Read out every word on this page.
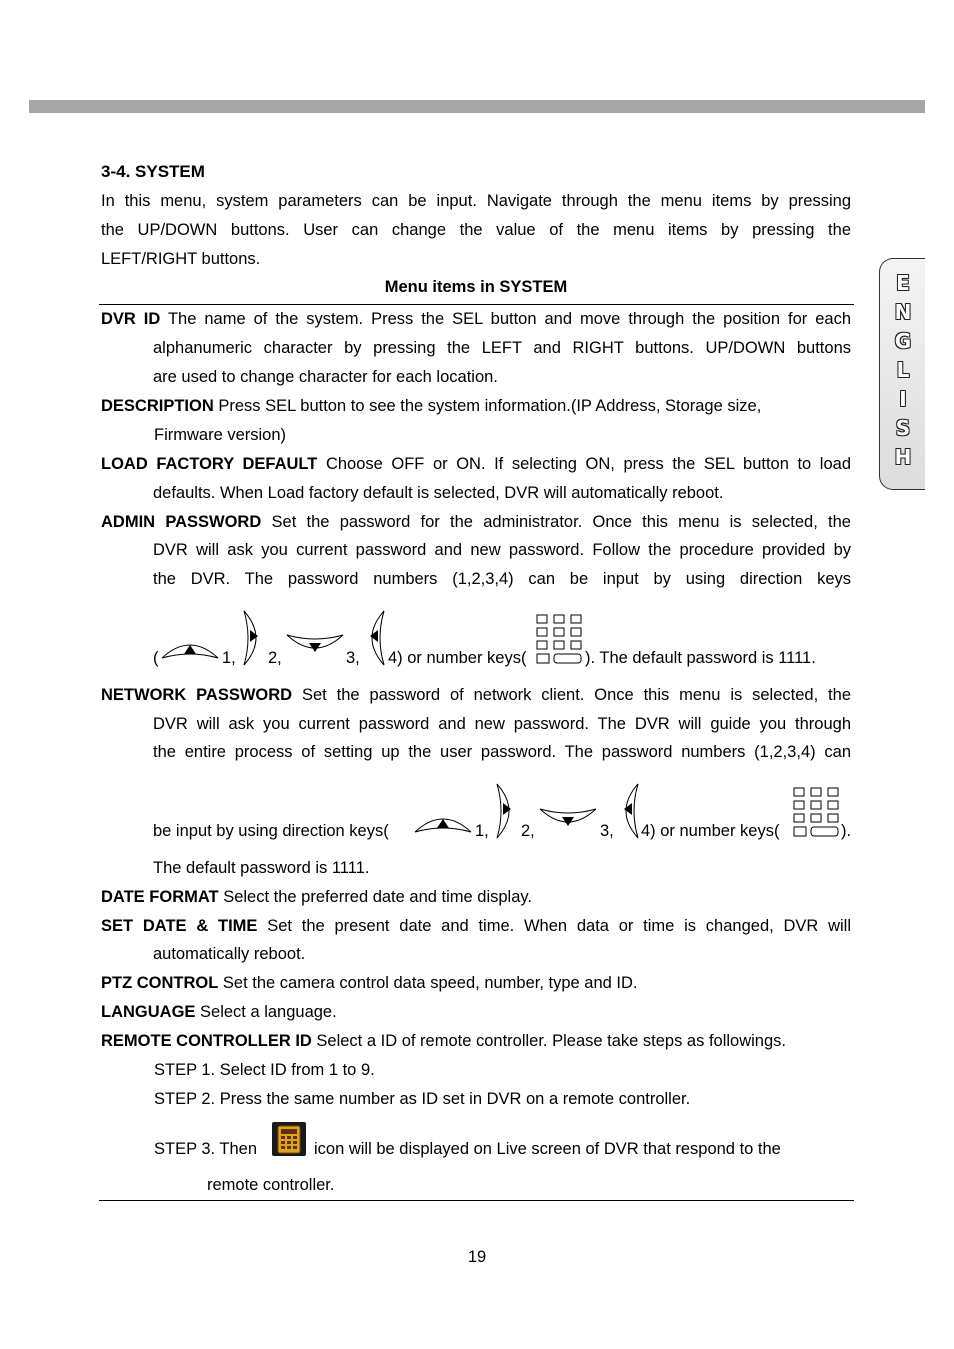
E
N
G
L
I
S
H
3-4. SYSTEM
In this menu, system parameters can be input. Navigate through the menu items by pressing
the UP/DOWN buttons. User can change the value of the menu items by pressing the
LEFT/RIGHT buttons.
Menu items in SYSTEM
DVR ID The name of the system. Press the SEL button and move through the position for each
alphanumeric character by pressing the LEFT and RIGHT buttons. UP/DOWN buttons
are used to change character for each location.
DESCRIPTION Press SEL button to see the system information.(IP Address, Storage size,
Firmware version)
LOAD FACTORY DEFAULT Choose OFF or ON. If selecting ON, press the SEL button to load
defaults. When Load factory default is selected, DVR will automatically reboot.
ADMIN PASSWORD Set the password for the administrator. Once this menu is selected, the
DVR will ask you current password and new password. Follow the procedure provided by
the DVR. The password numbers (1,2,3,4) can be input by using direction keys
(	1, 2,	3, 4) or number keys(	). The default password is 1111.
NETWORK PASSWORD Set the password of network client. Once this menu is selected, the
DVR will ask you current password and new password. The DVR will guide you through
the entire process of setting up the user password. The password numbers (1,2,3,4) can
be input by using direction keys(	1, 2,	3, 4) or number keys(	).
The default password is 1111.
DATE FORMAT Select the preferred date and time display.
SET DATE & TIME Set the present date and time. When data or time is changed, DVR will
automatically reboot.
PTZ CONTROL Set the camera control data speed, number, type and ID.
LANGUAGE Select a language.
REMOTE CONTROLLER ID Select a ID of remote controller. Please take steps as followings.
STEP 1. Select ID from 1 to 9.
STEP 2. Press the same number as ID set in DVR on a remote controller.
STEP 3. Then	icon will be displayed on Live screen of DVR that respond to the
remote controller.
19
